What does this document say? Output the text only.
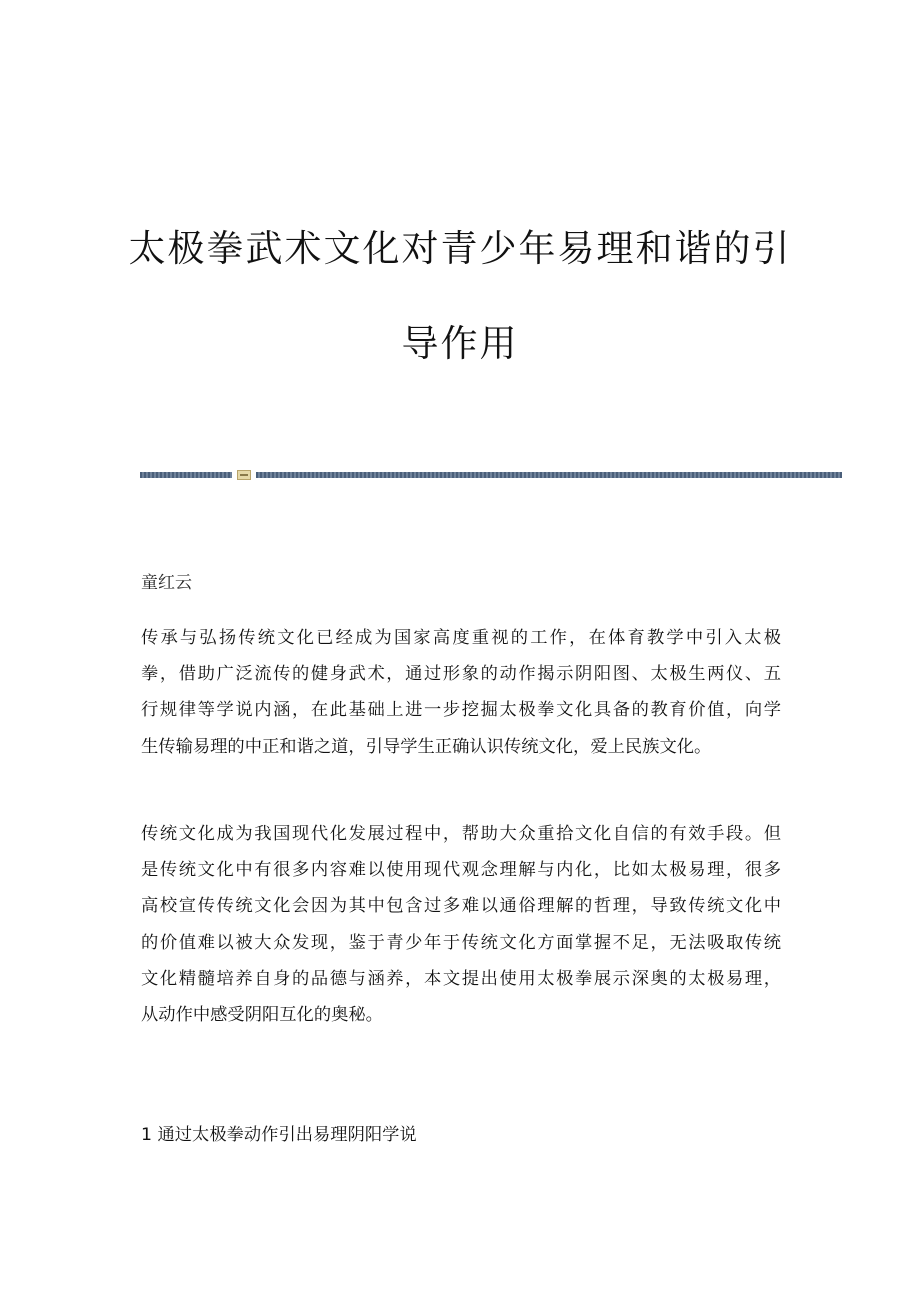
太极拳武术文化对青少年易理和谐的引
导作用
童红云
传承与弘扬传统文化已经成为国家高度重视的工作，在体育教学中引入太极
拳，借助广泛流传的健身武术，通过形象的动作揭示阴阳图、太极生两仪、五
行规律等学说内涵，在此基础上进一步挖掘太极拳文化具备的教育价值，向学
生传输易理的中正和谐之道，引导学生正确认识传统文化，爱上民族文化。
传统文化成为我国现代化发展过程中，帮助大众重拾文化自信的有效手段。但
是传统文化中有很多内容难以使用现代观念理解与内化，比如太极易理，很多
高校宣传传统文化会因为其中包含过多难以通俗理解的哲理，导致传统文化中
的价值难以被大众发现，鉴于青少年于传统文化方面掌握不足，无法吸取传统
文化精髓培养自身的品德与涵养，本文提出使用太极拳展示深奥的太极易理，
从动作中感受阴阳互化的奥秘。
1 通过太极拳动作引出易理阴阳学说
